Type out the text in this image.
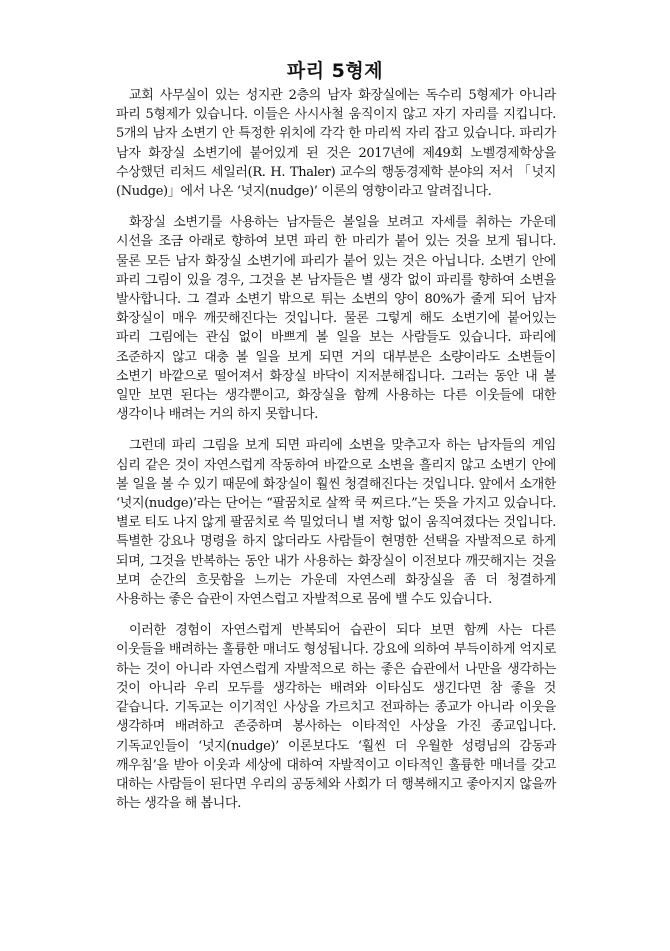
파리 5형제

교회 사무실이 있는 성지관 2층의 남자 화장실에는 독수리 5형제가 아니라 파리 5형제가 있습니다. 이들은 사시사철 움직이지 않고 자기 자리를 지킵니다. 5개의 남자 소변기 안 특정한 위치에 각각 한 마리씩 자리 잡고 있습니다. 파리가 남자 화장실 소변기에 붙어있게 된 것은 2017년에 제49회 노벨경제학상을 수상했던 리처드 세일러(R. H. Thaler) 교수의 행동경제학 분야의 저서 「넛지(Nudge)」에서 나온 ‘넛지(nudge)’ 이론의 영향이라고 알려집니다.

화장실 소변기를 사용하는 남자들은 볼일을 보려고 자세를 취하는 가운데 시선을 조금 아래로 향하여 보면 파리 한 마리가 붙어 있는 것을 보게 됩니다. 물론 모든 남자 화장실 소변기에 파리가 붙어 있는 것은 아닙니다. 소변기 안에 파리 그림이 있을 경우, 그것을 본 남자들은 별 생각 없이 파리를 향하여 소변을 발사합니다. 그 결과 소변기 밖으로 튀는 소변의 양이 80%가 줄게 되어 남자 화장실이 매우 깨끗해진다는 것입니다. 물론 그렇게 해도 소변기에 붙어있는 파리 그림에는 관심 없이 바쁘게 볼 일을 보는 사람들도 있습니다. 파리에 조준하지 않고 대충 볼 일을 보게 되면 거의 대부분은 소량이라도 소변들이 소변기 바깥으로 떨어져서 화장실 바닥이 지저분해집니다. 그러는 동안 내 볼 일만 보면 된다는 생각뿐이고, 화장실을 함께 사용하는 다른 이웃들에 대한 생각이나 배려는 거의 하지 못합니다.

그런데 파리 그림을 보게 되면 파리에 소변을 맞추고자 하는 남자들의 게임 심리 같은 것이 자연스럽게 작동하여 바깥으로 소변을 흘리지 않고 소변기 안에 볼 일을 볼 수 있기 때문에 화장실이 훨씬 청결해진다는 것입니다. 앞에서 소개한 ‘넛지(nudge)’라는 단어는 “팔꿈치로 살짝 쿡 찌르다.”는 뜻을 가지고 있습니다. 별로 티도 나지 않게 팔꿈치로 쓱 밀었더니 별 저항 없이 움직여졌다는 것입니다. 특별한 강요나 명령을 하지 않더라도 사람들이 현명한 선택을 자발적으로 하게 되며, 그것을 반복하는 동안 내가 사용하는 화장실이 이전보다 깨끗해지는 것을 보며 순간의 흐뭇함을 느끼는 가운데 자연스레 화장실을 좀 더 청결하게 사용하는 좋은 습관이 자연스럽고 자발적으로 몸에 밸 수도 있습니다.

이러한 경험이 자연스럽게 반복되어 습관이 되다 보면 함께 사는 다른 이웃들을 배려하는 훌륭한 매너도 형성됩니다. 강요에 의하여 부득이하게 억지로 하는 것이 아니라 자연스럽게 자발적으로 하는 좋은 습관에서 나만을 생각하는 것이 아니라 우리 모두를 생각하는 배려와 이타심도 생긴다면 참 좋을 것 같습니다. 기독교는 이기적인 사상을 가르치고 전파하는 종교가 아니라 이웃을 생각하며 배려하고 존중하며 봉사하는 이타적인 사상을 가진 종교입니다. 기독교인들이 ‘넛지(nudge)’ 이론보다도 ‘훨씬 더 우월한 성령님의 감동과 깨우침’을 받아 이웃과 세상에 대하여 자발적이고 이타적인 훌륭한 매너를 갖고 대하는 사람들이 된다면 우리의 공동체와 사회가 더 행복해지고 좋아지지 않을까 하는 생각을 해 봅니다.
